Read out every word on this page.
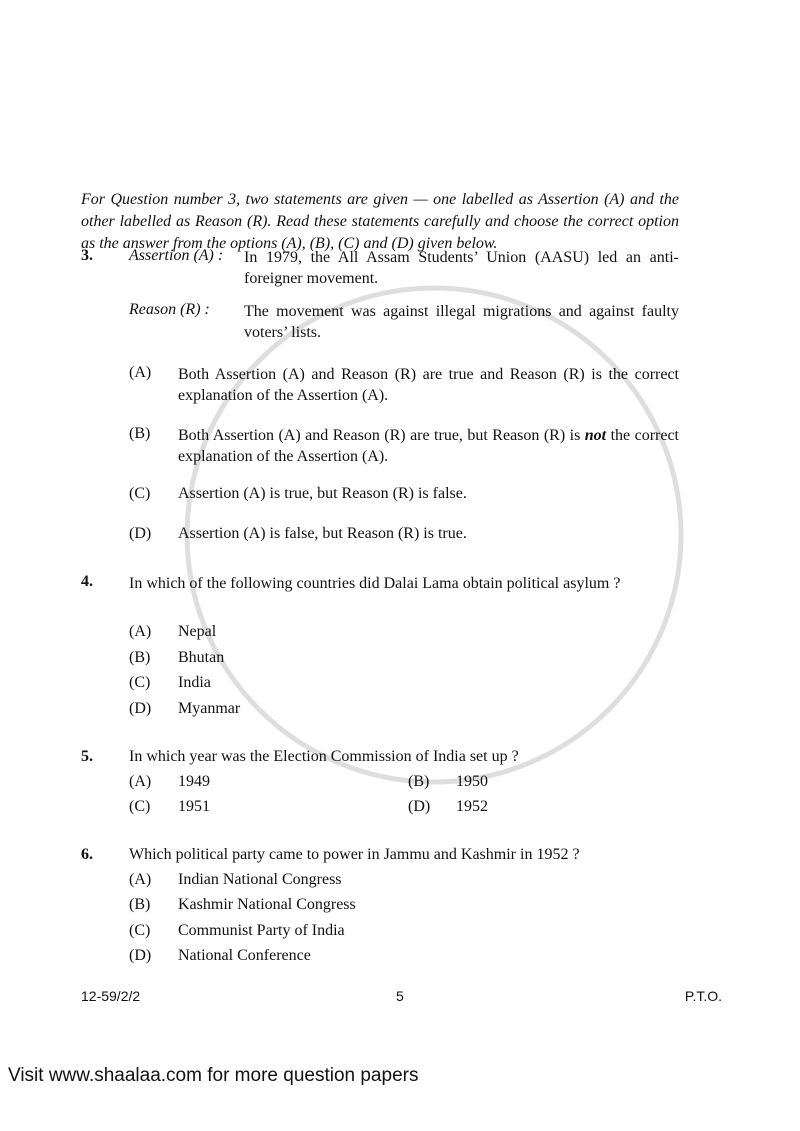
For Question number 3, two statements are given — one labelled as Assertion (A) and the other labelled as Reason (R). Read these statements carefully and choose the correct option as the answer from the options (A), (B), (C) and (D) given below.
3. Assertion (A) : In 1979, the All Assam Students’ Union (AASU) led an anti-foreigner movement.
Reason (R) : The movement was against illegal migrations and against faulty voters’ lists.
(A) Both Assertion (A) and Reason (R) are true and Reason (R) is the correct explanation of the Assertion (A).
(B) Both Assertion (A) and Reason (R) are true, but Reason (R) is not the correct explanation of the Assertion (A).
(C) Assertion (A) is true, but Reason (R) is false.
(D) Assertion (A) is false, but Reason (R) is true.
4. In which of the following countries did Dalai Lama obtain political asylum ?
(A) Nepal
(B) Bhutan
(C) India
(D) Myanmar
5. In which year was the Election Commission of India set up ?
(A) 1949	(B) 1950
(C) 1951	(D) 1952
6. Which political party came to power in Jammu and Kashmir in 1952 ?
(A) Indian National Congress
(B) Kashmir National Congress
(C) Communist Party of India
(D) National Conference
12-59/2/2	5	P.T.O.
Visit www.shaalaa.com for more question papers
